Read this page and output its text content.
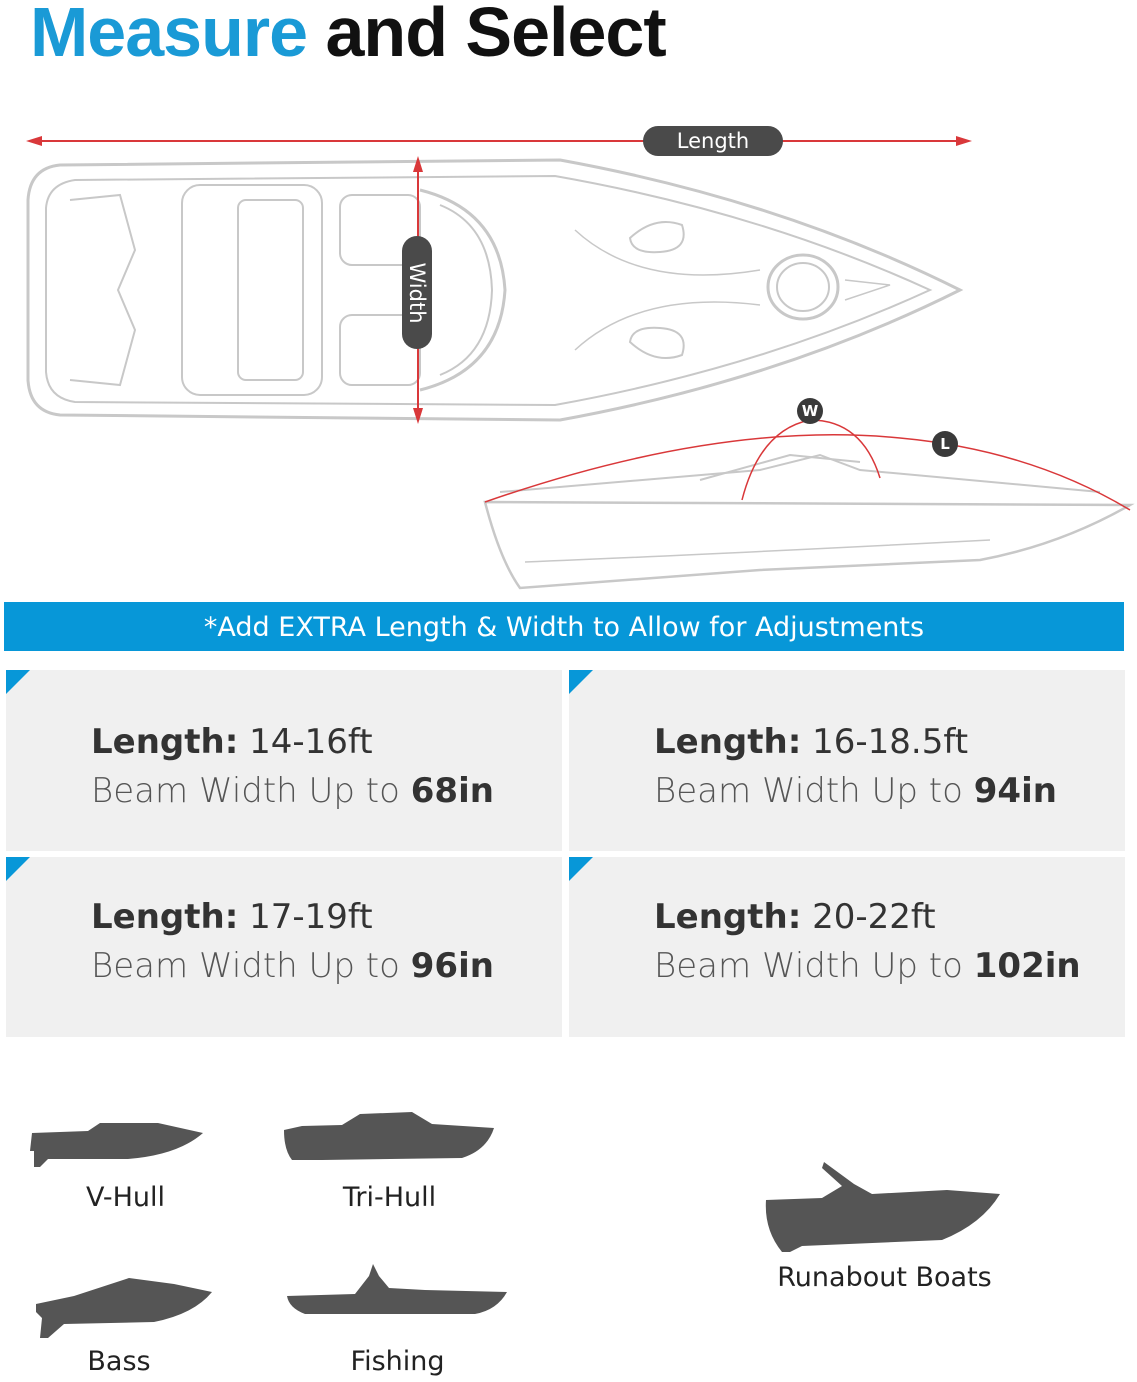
Measure and Select
Length
Width
W
L
*Add EXTRA Length & Width to Allow for Adjustments
Length: 14-16ft
Beam Width Up to 68in
Length: 16-18.5ft
Beam Width Up to 94in
Length: 17-19ft
Beam Width Up to 96in
Length: 20-22ft
Beam Width Up to 102in
V-Hull	Tri-Hull
Bass	Fishing
Runabout Boats
